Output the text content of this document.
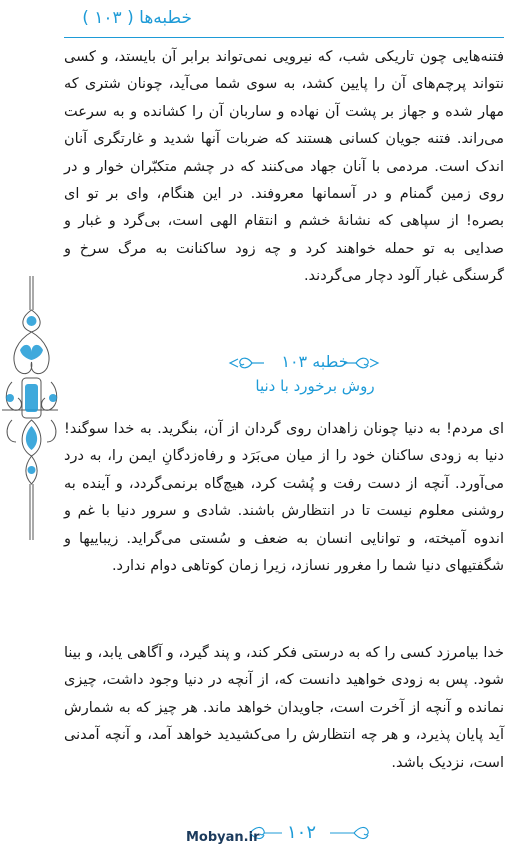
خطبه‌ها ( ۱۰۳ )

فتنه‌هایی چون تاریکی شب، که نیرویی نمی‌تواند برابر آن بایستد، و کسی نتواند پرچم‌های آن را پایین کشد، به سوی شما می‌آید، چونان شتری که مهار شده و جهاز بر پشت آن نهاده و ساربان آن را کشانده و به سرعت می‌راند. فتنه جویان کسانی هستند که ضربات آنها شدید و غارتگری آنان اندک است. مردمی با آنان جهاد می‌کنند که در چشم متکبّران خوار و در روی زمین گمنام و در آسمانها معروفند. در این هنگام، وای بر تو ای بصره! از سپاهی که نشانهٔ خشم و انتقام الهی است، بی‌گرد و غبار و صدایی به تو حمله خواهند کرد و چه زود ساکنانت به مرگ سرخ و گرسنگی غبار آلود دچار می‌گردند.

خطبه ۱۰۳
روش برخورد با دنیا

ای مردم! به دنیا چونان زاهدان روی گردان از آن، بنگرید. به خدا سوگند! دنیا به زودی ساکنان خود را از میان می‌بَرَد و رفاه‌زدگانِ ایمن را، به درد می‌آورد. آنچه از دست رفت و پُشت کرد، هیچ‌گاه برنمی‌گردد، و آینده به روشنی معلوم نیست تا در انتظارش باشند. شادی و سرور دنیا با غم و اندوه آمیخته، و توانایی انسان به ضعف و سُستی می‌گراید. زیباییها و شگفتیهای دنیا شما را مغرور نسازد، زیرا زمان کوتاهی دوام ندارد.

خدا بیامرزد کسی را که به درستی فکر کند، و پند گیرد، و آگاهی یابد، و بینا شود. پس به زودی خواهید دانست که، از آنچه در دنیا وجود داشت، چیزی نمانده و آنچه از آخرت است، جاویدان خواهد ماند. هر چیز که به شمارش آید پایان پذیرد، و هر چه انتظارش را می‌کشیدید خواهد آمد، و آنچه آمدنی است، نزدیک باشد.

Mobyan.ir ۱۰۲
